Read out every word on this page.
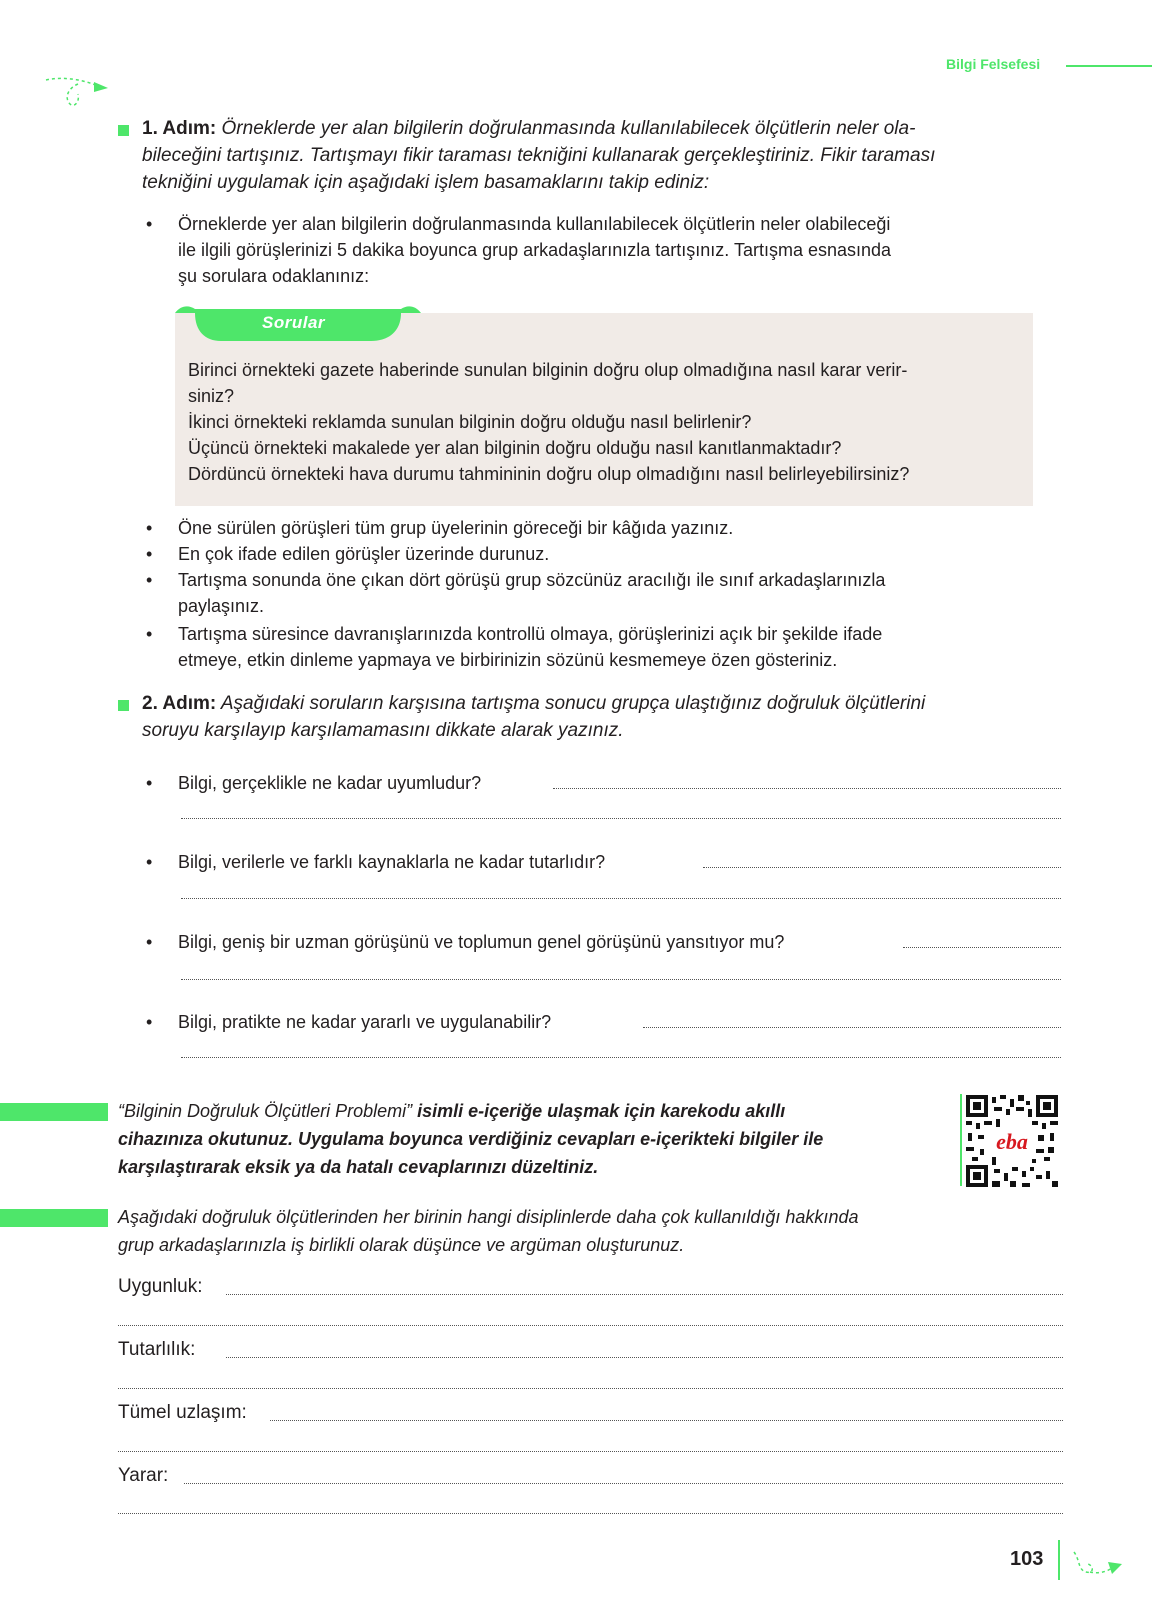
Bilgi Felsefesi
1. Adım: Örneklerde yer alan bilgilerin doğrulanmasında kullanılabilecek ölçütlerin neler ola-
bileceğini tartışınız. Tartışmayı fikir taraması tekniğini kullanarak gerçekleştiriniz. Fikir taraması
tekniğini uygulamak için aşağıdaki işlem basamaklarını takip ediniz:
• Örneklerde yer alan bilgilerin doğrulanmasında kullanılabilecek ölçütlerin neler olabileceği
ile ilgili görüşlerinizi 5 dakika boyunca grup arkadaşlarınızla tartışınız. Tartışma esnasında
şu sorulara odaklanınız:
Sorular
Birinci örnekteki gazete haberinde sunulan bilginin doğru olup olmadığına nasıl karar verir-
siniz?
İkinci örnekteki reklamda sunulan bilginin doğru olduğu nasıl belirlenir?
Üçüncü örnekteki makalede yer alan bilginin doğru olduğu nasıl kanıtlanmaktadır?
Dördüncü örnekteki hava durumu tahmininin doğru olup olmadığını nasıl belirleyebilirsiniz?
• Öne sürülen görüşleri tüm grup üyelerinin göreceği bir kâğıda yazınız.
• En çok ifade edilen görüşler üzerinde durunuz.
• Tartışma sonunda öne çıkan dört görüşü grup sözcünüz aracılığı ile sınıf arkadaşlarınızla
paylaşınız.
• Tartışma süresince davranışlarınızda kontrollü olmaya, görüşlerinizi açık bir şekilde ifade
etmeye, etkin dinleme yapmaya ve birbirinizin sözünü kesmemeye özen gösteriniz.
2. Adım: Aşağıdaki soruların karşısına tartışma sonucu grupça ulaştığınız doğruluk ölçütlerini
soruyu karşılayıp karşılamamasını dikkate alarak yazınız.
• Bilgi, gerçeklikle ne kadar uyumludur?
• Bilgi, verilerle ve farklı kaynaklarla ne kadar tutarlıdır?
• Bilgi, geniş bir uzman görüşünü ve toplumun genel görüşünü yansıtıyor mu?
• Bilgi, pratikte ne kadar yararlı ve uygulanabilir?
“Bilginin Doğruluk Ölçütleri Problemi” isimli e-içeriğe ulaşmak için karekodu akıllı
cihazınıza okutunuz. Uygulama boyunca verdiğiniz cevapları e-içerikteki bilgiler ile
karşılaştırarak eksik ya da hatalı cevaplarınızı düzeltiniz.
eba
Aşağıdaki doğruluk ölçütlerinden her birinin hangi disiplinlerde daha çok kullanıldığı hakkında
grup arkadaşlarınızla iş birlikli olarak düşünce ve argüman oluşturunuz.
Uygunluk:
Tutarlılık:
Tümel uzlaşım:
Yarar:
103
